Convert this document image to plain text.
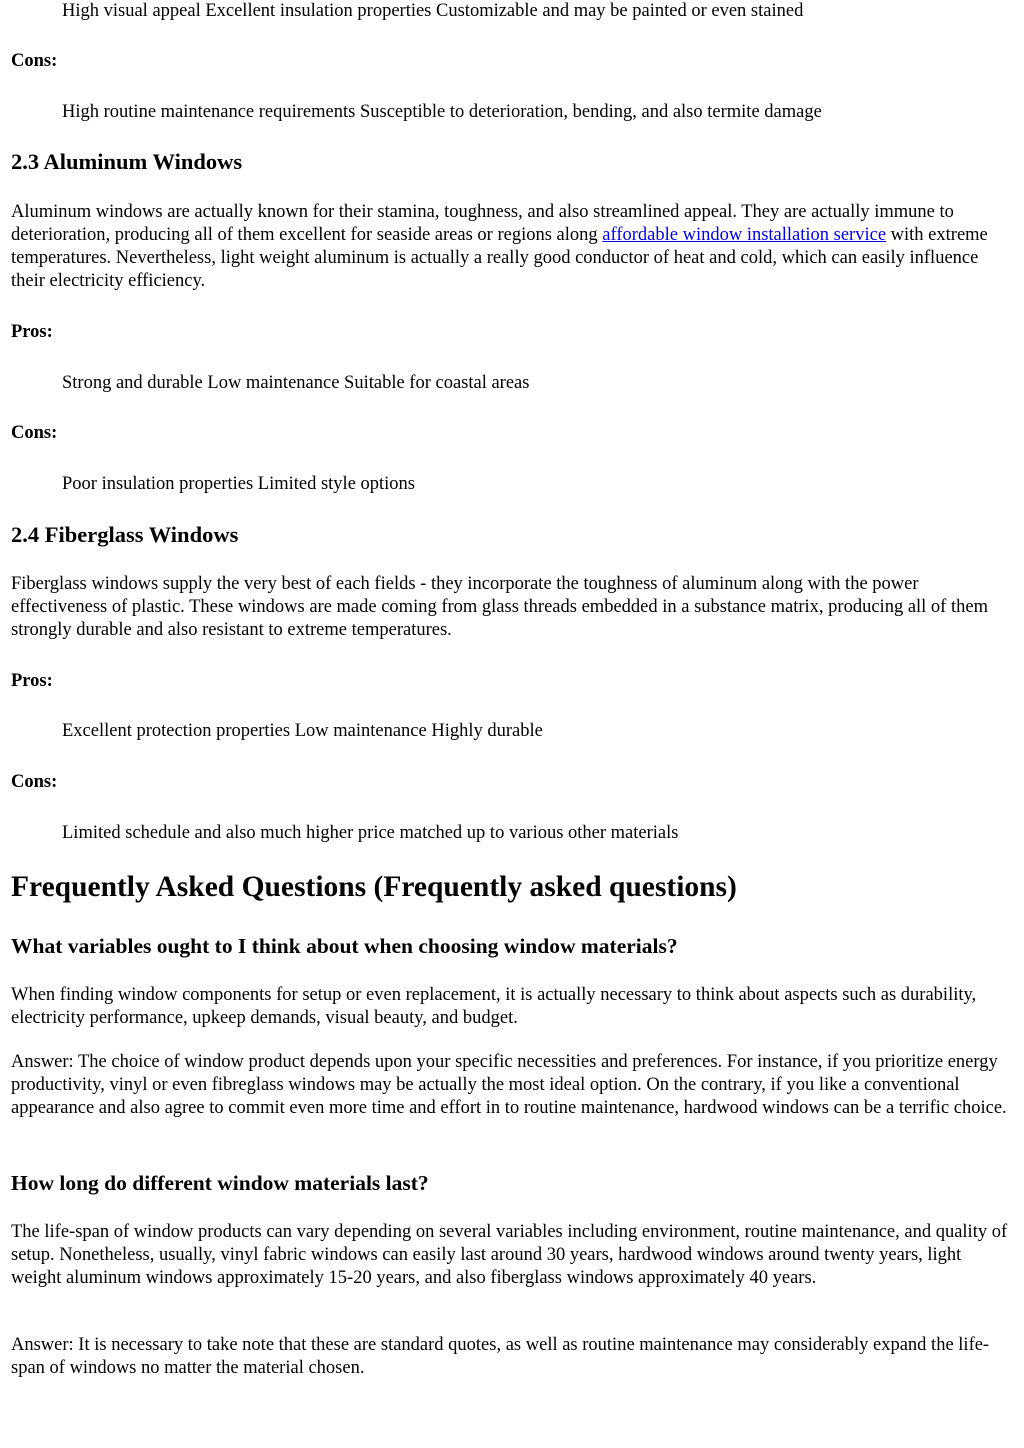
High visual appeal Excellent insulation properties Customizable and may be painted or even stained

Cons:

High routine maintenance requirements Susceptible to deterioration, bending, and also termite damage

2.3 Aluminum Windows

Aluminum windows are actually known for their stamina, toughness, and also streamlined appeal. They are actually immune to deterioration, producing all of them excellent for seaside areas or regions along affordable window installation service with extreme temperatures. Nevertheless, light weight aluminum is actually a really good conductor of heat and cold, which can easily influence their electricity efficiency.

Pros:

Strong and durable Low maintenance Suitable for coastal areas

Cons:

Poor insulation properties Limited style options

2.4 Fiberglass Windows

Fiberglass windows supply the very best of each fields - they incorporate the toughness of aluminum along with the power effectiveness of plastic. These windows are made coming from glass threads embedded in a substance matrix, producing all of them strongly durable and also resistant to extreme temperatures.

Pros:

Excellent protection properties Low maintenance Highly durable

Cons:

Limited schedule and also much higher price matched up to various other materials

Frequently Asked Questions (Frequently asked questions)
What variables ought to I think about when choosing window materials?

When finding window components for setup or even replacement, it is actually necessary to think about aspects such as durability, electricity performance, upkeep demands, visual beauty, and budget.

Answer: The choice of window product depends upon your specific necessities and preferences. For instance, if you prioritize energy productivity, vinyl or even fibreglass windows may be actually the most ideal option. On the contrary, if you like a conventional appearance and also agree to commit even more time and effort in to routine maintenance, hardwood windows can be a terrific choice.

How long do different window materials last?

The life-span of window products can vary depending on several variables including environment, routine maintenance, and quality of setup. Nonetheless, usually, vinyl fabric windows can easily last around 30 years, hardwood windows around twenty years, light weight aluminum windows approximately 15-20 years, and also fiberglass windows approximately 40 years.

Answer: It is necessary to take note that these are standard quotes, as well as routine maintenance may considerably expand the life-span of windows no matter the material chosen.
